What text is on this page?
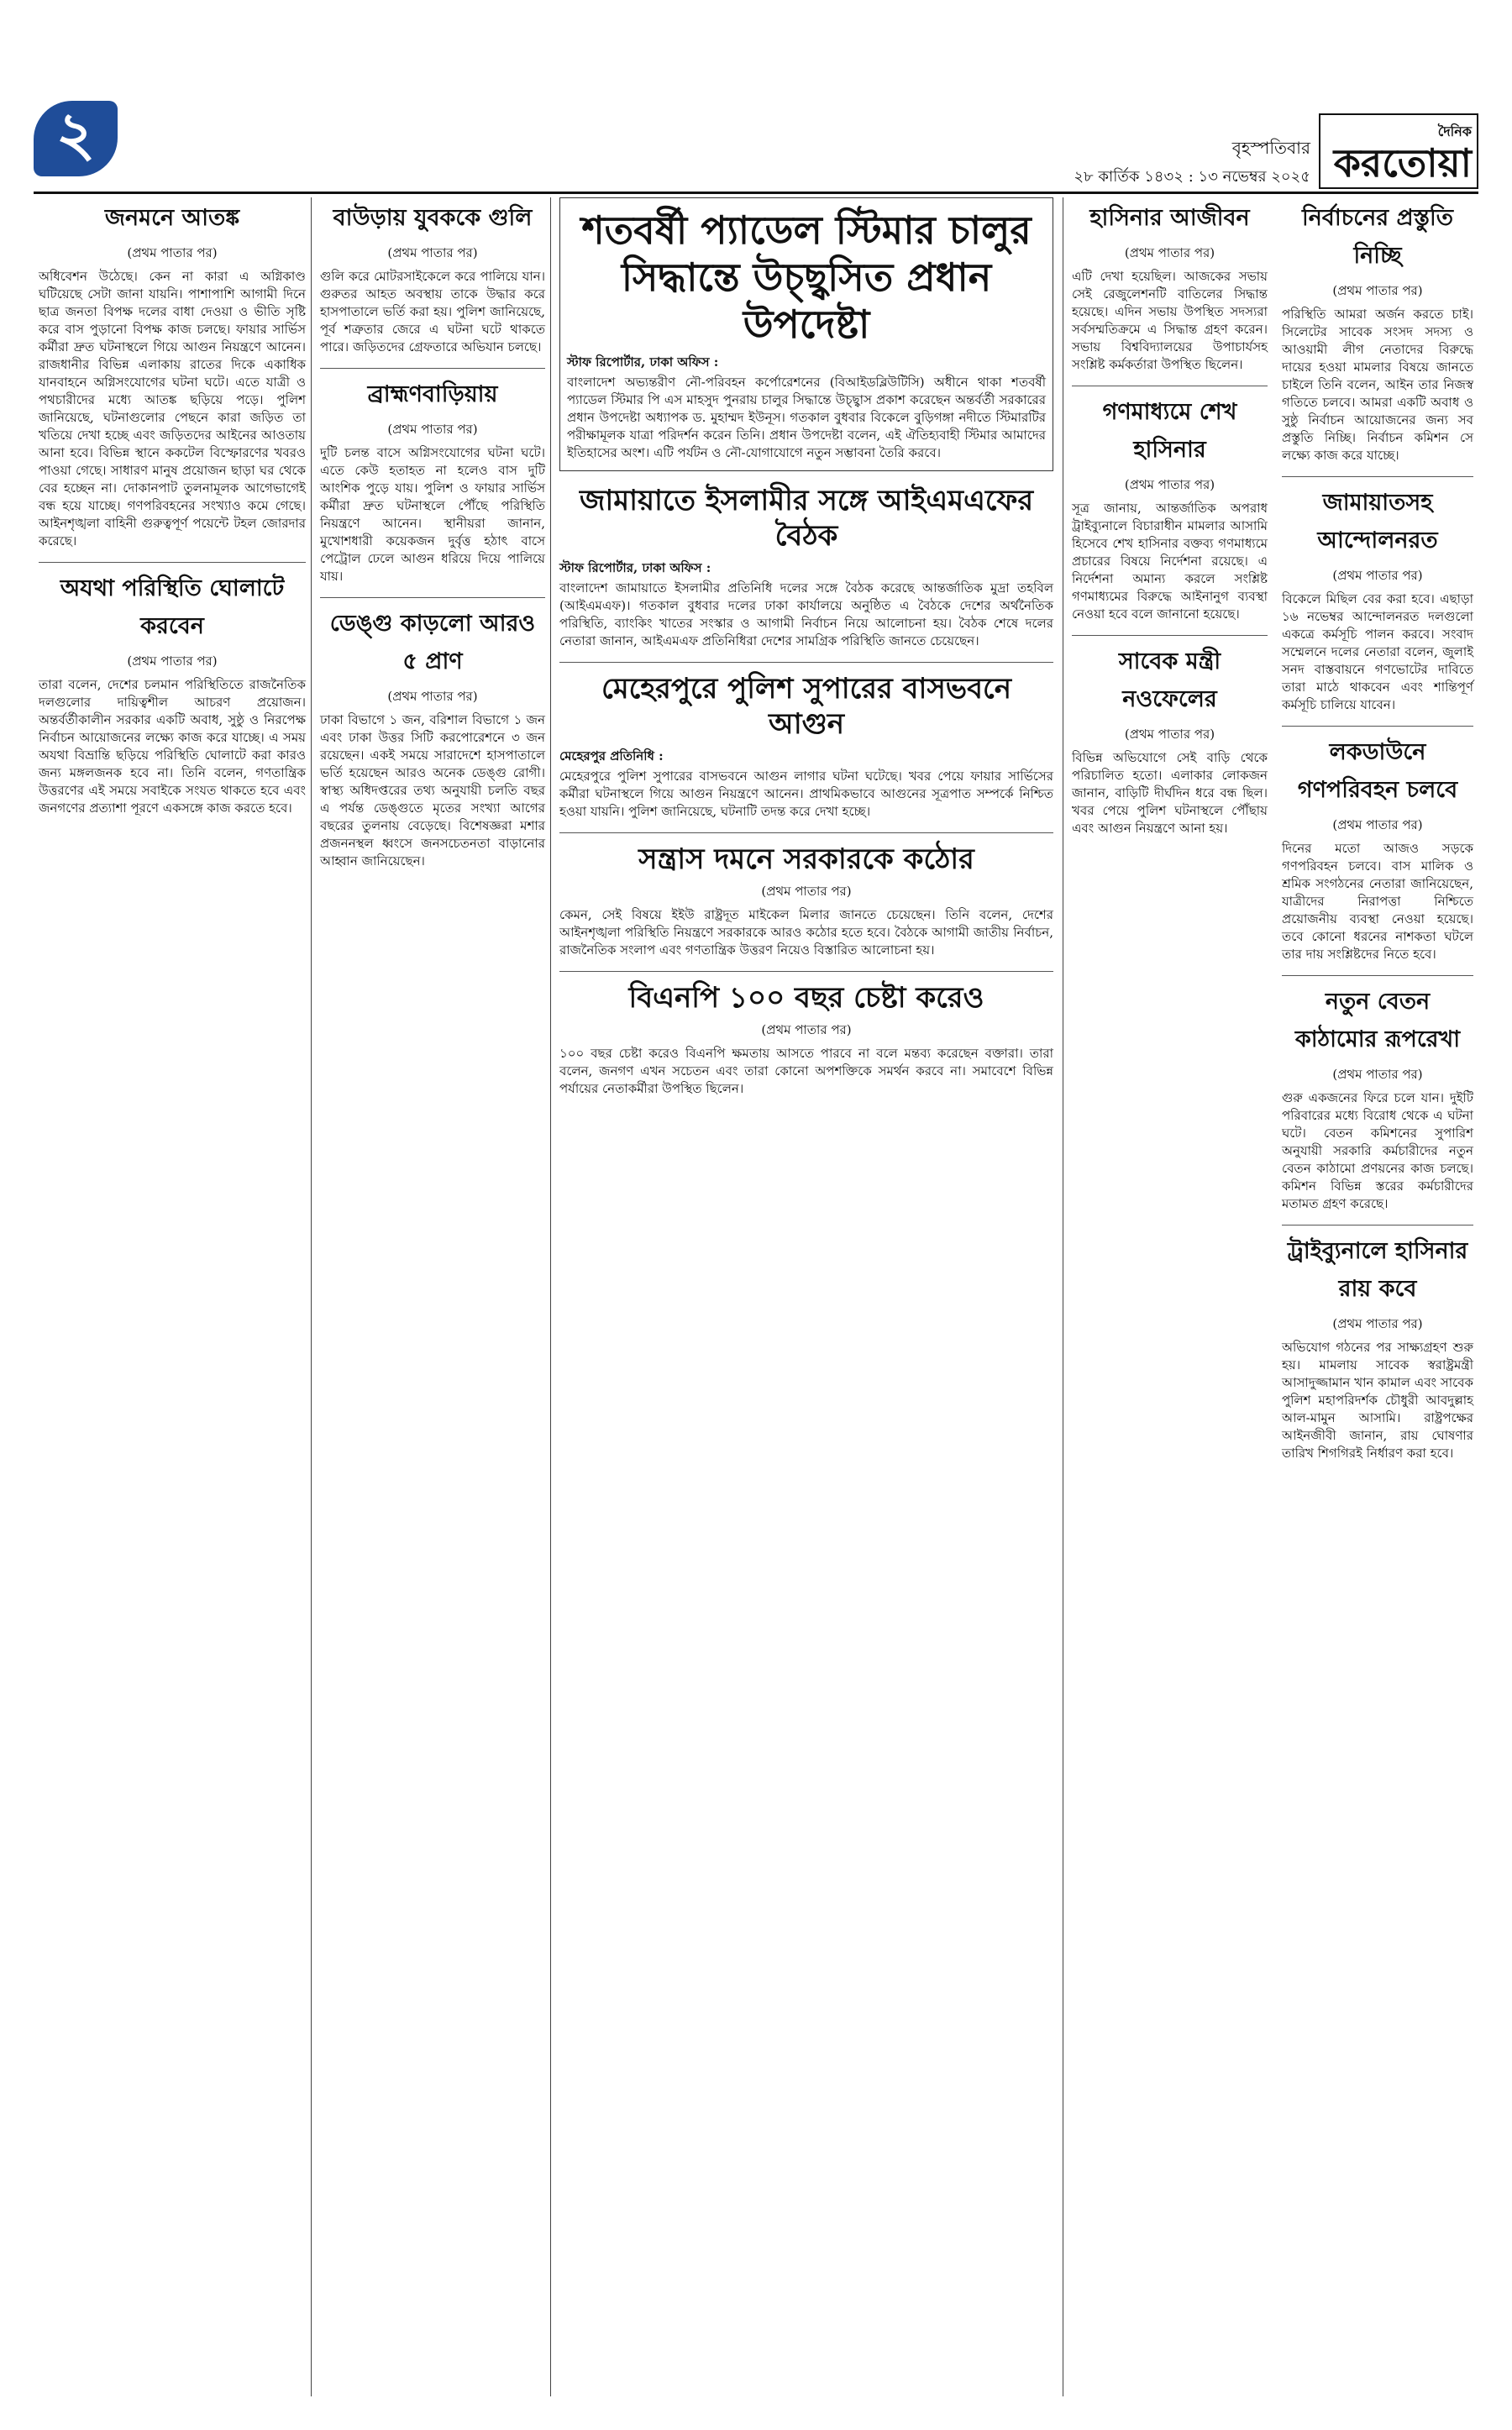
২	বৃহস্পতিবার
২৮ কার্তিক ১৪৩২ : ১৩ নভেম্বর ২০২৫
দৈনিক
করতোয়া
জনমনে আতঙ্ক
(প্রথম পাতার পর)

অধিবেশন উঠেছে। কেন না কারা এ অগ্নিকাণ্ড ঘটিয়েছে সেটা জানা যায়নি। পাশাপাশি আগামী দিনে ছাত্র জনতা বিপক্ষ দলের বাধা দেওয়া ও ভীতি সৃষ্টি করে বাস পুড়ানো বিপক্ষ কাজ চলছে। ফায়ার সার্ভিস কর্মীরা দ্রুত ঘটনাস্থলে গিয়ে আগুন নিয়ন্ত্রণে আনেন। রাজধানীর বিভিন্ন এলাকায় রাতের দিকে একাধিক যানবাহনে অগ্নিসংযোগের ঘটনা ঘটে। এতে যাত্রী ও পথচারীদের মধ্যে আতঙ্ক ছড়িয়ে পড়ে। পুলিশ জানিয়েছে, ঘটনাগুলোর পেছনে কারা জড়িত তা খতিয়ে দেখা হচ্ছে এবং জড়িতদের আইনের আওতায় আনা হবে। বিভিন্ন স্থানে ককটেল বিস্ফোরণের খবরও পাওয়া গেছে। সাধারণ মানুষ প্রয়োজন ছাড়া ঘর থেকে বের হচ্ছেন না। দোকানপাট তুলনামূলক আগেভাগেই বন্ধ হয়ে যাচ্ছে। গণপরিবহনের সংখ্যাও কমে গেছে। আইনশৃঙ্খলা বাহিনী গুরুত্বপূর্ণ পয়েন্টে টহল জোরদার করেছে।

অযথা পরিস্থিতি ঘোলাটে করবেন
(প্রথম পাতার পর)

তারা বলেন, দেশের চলমান পরিস্থিতিতে রাজনৈতিক দলগুলোর দায়িত্বশীল আচরণ প্রয়োজন। অন্তর্বর্তীকালীন সরকার একটি অবাধ, সুষ্ঠু ও নিরপেক্ষ নির্বাচন আয়োজনের লক্ষ্যে কাজ করে যাচ্ছে। এ সময় অযথা বিভ্রান্তি ছড়িয়ে পরিস্থিতি ঘোলাটে করা কারও জন্য মঙ্গলজনক হবে না। তিনি বলেন, গণতান্ত্রিক উত্তরণের এই সময়ে সবাইকে সংযত থাকতে হবে এবং জনগণের প্রত্যাশা পূরণে একসঙ্গে কাজ করতে হবে।

বাউড়ায় যুবককে গুলি
(প্রথম পাতার পর)

গুলি করে মোটরসাইকেলে করে পালিয়ে যান। গুরুতর আহত অবস্থায় তাকে উদ্ধার করে হাসপাতালে ভর্তি করা হয়। পুলিশ জানিয়েছে, পূর্ব শত্রুতার জেরে এ ঘটনা ঘটে থাকতে পারে। জড়িতদের গ্রেফতারে অভিযান চলছে।

ব্রাহ্মণবাড়িয়ায়
(প্রথম পাতার পর)

দুটি চলন্ত বাসে অগ্নিসংযোগের ঘটনা ঘটে। এতে কেউ হতাহত না হলেও বাস দুটি আংশিক পুড়ে যায়। পুলিশ ও ফায়ার সার্ভিস কর্মীরা দ্রুত ঘটনাস্থলে পৌঁছে পরিস্থিতি নিয়ন্ত্রণে আনেন। স্থানীয়রা জানান, মুখোশধারী কয়েকজন দুর্বৃত্ত হঠাৎ বাসে পেট্রোল ঢেলে আগুন ধরিয়ে দিয়ে পালিয়ে যায়।

ডেঙ্গু কাড়লো আরও ৫ প্রাণ
(প্রথম পাতার পর)

ঢাকা বিভাগে ১ জন, বরিশাল বিভাগে ১ জন এবং ঢাকা উত্তর সিটি করপোরেশনে ৩ জন রয়েছেন। একই সময়ে সারাদেশে হাসপাতালে ভর্তি হয়েছেন আরও অনেক ডেঙ্গু রোগী। স্বাস্থ্য অধিদপ্তরের তথ্য অনুযায়ী চলতি বছর এ পর্যন্ত ডেঙ্গুতে মৃতের সংখ্যা আগের বছরের তুলনায় বেড়েছে। বিশেষজ্ঞরা মশার প্রজননস্থল ধ্বংসে জনসচেতনতা বাড়ানোর আহ্বান জানিয়েছেন।

শতবর্ষী প্যাডেল স্টিমার চালুর সিদ্ধান্তে উচ্ছ্বসিত প্রধান উপদেষ্টা
স্টাফ রিপোর্টার, ঢাকা অফিস :

বাংলাদেশ অভ্যন্তরীণ নৌ-পরিবহন কর্পোরেশনের (বিআইডব্লিউটিসি) অধীনে থাকা শতবর্ষী প্যাডেল স্টিমার পি এস মাহসুদ পুনরায় চালুর সিদ্ধান্তে উচ্ছ্বাস প্রকাশ করেছেন অন্তর্বর্তী সরকারের প্রধান উপদেষ্টা অধ্যাপক ড. মুহাম্মদ ইউনূস। গতকাল বুধবার বিকেলে বুড়িগঙ্গা নদীতে স্টিমারটির পরীক্ষামূলক যাত্রা পরিদর্শন করেন তিনি। প্রধান উপদেষ্টা বলেন, এই ঐতিহ্যবাহী স্টিমার আমাদের ইতিহাসের অংশ। এটি পর্যটন ও নৌ-যোগাযোগে নতুন সম্ভাবনা তৈরি করবে।

জামায়াতে ইসলামীর সঙ্গে আইএমএফের বৈঠক
স্টাফ রিপোর্টার, ঢাকা অফিস :

বাংলাদেশ জামায়াতে ইসলামীর প্রতিনিধি দলের সঙ্গে বৈঠক করেছে আন্তর্জাতিক মুদ্রা তহবিল (আইএমএফ)। গতকাল বুধবার দলের ঢাকা কার্যালয়ে অনুষ্ঠিত এ বৈঠকে দেশের অর্থনৈতিক পরিস্থিতি, ব্যাংকিং খাতের সংস্কার ও আগামী নির্বাচন নিয়ে আলোচনা হয়। বৈঠক শেষে দলের নেতারা জানান, আইএমএফ প্রতিনিধিরা দেশের সামগ্রিক পরিস্থিতি জানতে চেয়েছেন।

মেহেরপুরে পুলিশ সুপারের বাসভবনে আগুন
মেহেরপুর প্রতিনিধি :

মেহেরপুরে পুলিশ সুপারের বাসভবনে আগুন লাগার ঘটনা ঘটেছে। খবর পেয়ে ফায়ার সার্ভিসের কর্মীরা ঘটনাস্থলে গিয়ে আগুন নিয়ন্ত্রণে আনেন। প্রাথমিকভাবে আগুনের সূত্রপাত সম্পর্কে নিশ্চিত হওয়া যায়নি। পুলিশ জানিয়েছে, ঘটনাটি তদন্ত করে দেখা হচ্ছে।

সন্ত্রাস দমনে সরকারকে কঠোর
(প্রথম পাতার পর)

কেমন, সেই বিষয়ে ইইউ রাষ্ট্রদূত মাইকেল মিলার জানতে চেয়েছেন। তিনি বলেন, দেশের আইনশৃঙ্খলা পরিস্থিতি নিয়ন্ত্রণে সরকারকে আরও কঠোর হতে হবে। বৈঠকে আগামী জাতীয় নির্বাচন, রাজনৈতিক সংলাপ এবং গণতান্ত্রিক উত্তরণ নিয়েও বিস্তারিত আলোচনা হয়।

বিএনপি ১০০ বছর চেষ্টা করেও
(প্রথম পাতার পর)

১০০ বছর চেষ্টা করেও বিএনপি ক্ষমতায় আসতে পারবে না বলে মন্তব্য করেছেন বক্তারা। তারা বলেন, জনগণ এখন সচেতন এবং তারা কোনো অপশক্তিকে সমর্থন করবে না। সমাবেশে বিভিন্ন পর্যায়ের নেতাকর্মীরা উপস্থিত ছিলেন।

হাসিনার আজীবন
(প্রথম পাতার পর)

এটি দেখা হয়েছিল। আজকের সভায় সেই রেজুলেশনটি বাতিলের সিদ্ধান্ত হয়েছে। এদিন সভায় উপস্থিত সদস্যরা সর্বসম্মতিক্রমে এ সিদ্ধান্ত গ্রহণ করেন। সভায় বিশ্ববিদ্যালয়ের উপাচার্যসহ সংশ্লিষ্ট কর্মকর্তারা উপস্থিত ছিলেন।

গণমাধ্যমে শেখ হাসিনার
(প্রথম পাতার পর)

সূত্র জানায়, আন্তর্জাতিক অপরাধ ট্রাইব্যুনালে বিচারাধীন মামলার আসামি হিসেবে শেখ হাসিনার বক্তব্য গণমাধ্যমে প্রচারের বিষয়ে নির্দেশনা রয়েছে। এ নির্দেশনা অমান্য করলে সংশ্লিষ্ট গণমাধ্যমের বিরুদ্ধে আইনানুগ ব্যবস্থা নেওয়া হবে বলে জানানো হয়েছে।

সাবেক মন্ত্রী নওফেলের
(প্রথম পাতার পর)

বিভিন্ন অভিযোগে সেই বাড়ি থেকে পরিচালিত হতো। এলাকার লোকজন জানান, বাড়িটি দীর্ঘদিন ধরে বন্ধ ছিল। খবর পেয়ে পুলিশ ঘটনাস্থলে পৌঁছায় এবং আগুন নিয়ন্ত্রণে আনা হয়।

নির্বাচনের প্রস্তুতি নিচ্ছি
(প্রথম পাতার পর)

পরিস্থিতি আমরা অর্জন করতে চাই। সিলেটের সাবেক সংসদ সদস্য ও আওয়ামী লীগ নেতাদের বিরুদ্ধে দায়ের হওয়া মামলার বিষয়ে জানতে চাইলে তিনি বলেন, আইন তার নিজস্ব গতিতে চলবে। আমরা একটি অবাধ ও সুষ্ঠু নির্বাচন আয়োজনের জন্য সব প্রস্তুতি নিচ্ছি। নির্বাচন কমিশন সে লক্ষ্যে কাজ করে যাচ্ছে।

জামায়াতসহ আন্দোলনরত
(প্রথম পাতার পর)

বিকেলে মিছিল বের করা হবে। এছাড়া ১৬ নভেম্বর আন্দোলনরত দলগুলো একত্রে কর্মসূচি পালন করবে। সংবাদ সম্মেলনে দলের নেতারা বলেন, জুলাই সনদ বাস্তবায়নে গণভোটের দাবিতে তারা মাঠে থাকবেন এবং শান্তিপূর্ণ কর্মসূচি চালিয়ে যাবেন।

লকডাউনে গণপরিবহন চলবে
(প্রথম পাতার পর)

দিনের মতো আজও সড়কে গণপরিবহন চলবে। বাস মালিক ও শ্রমিক সংগঠনের নেতারা জানিয়েছেন, যাত্রীদের নিরাপত্তা নিশ্চিতে প্রয়োজনীয় ব্যবস্থা নেওয়া হয়েছে। তবে কোনো ধরনের নাশকতা ঘটলে তার দায় সংশ্লিষ্টদের নিতে হবে।

নতুন বেতন কাঠামোর রূপরেখা
(প্রথম পাতার পর)

গুরু একজনের ফিরে চলে যান। দুইটি পরিবারের মধ্যে বিরোধ থেকে এ ঘটনা ঘটে। বেতন কমিশনের সুপারিশ অনুযায়ী সরকারি কর্মচারীদের নতুন বেতন কাঠামো প্রণয়নের কাজ চলছে। কমিশন বিভিন্ন স্তরের কর্মচারীদের মতামত গ্রহণ করেছে।

ট্রাইব্যুনালে হাসিনার রায় কবে
(প্রথম পাতার পর)

অভিযোগ গঠনের পর সাক্ষ্যগ্রহণ শুরু হয়। মামলায় সাবেক স্বরাষ্ট্রমন্ত্রী আসাদুজ্জামান খান কামাল এবং সাবেক পুলিশ মহাপরিদর্শক চৌধুরী আবদুল্লাহ আল-মামুন আসামি। রাষ্ট্রপক্ষের আইনজীবী জানান, রায় ঘোষণার তারিখ শিগগিরই নির্ধারণ করা হবে।
